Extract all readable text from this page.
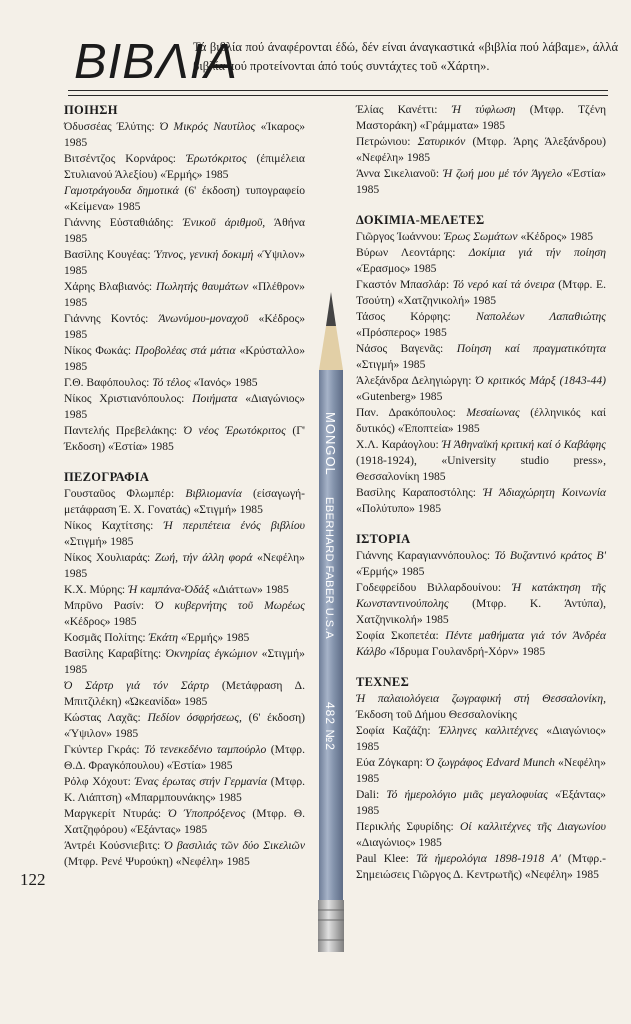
ΒΙΒΛΙΑ
Τά βιβλία πού άναφέρονται έδώ, δέν είναι άναγκαστικά «βιβλία πού λάβαμε», άλλά βιβλία πού προτείνονται άπό τούς συντάχτες τοῦ «Χάρτη».
ΠΟΙΗΣΗ

Όδυσσέας Έλύτης: Ό Μικρός Ναυτίλος «Ίκαρος» 1985

Βιτσέντζος Κορνάρος: Έρωτόκριτος (έπιμέλεια Στυλιανού Άλεξίου) «Έρμής» 1985

Γαμοτράγουδα δημοτικά (6' έκδοση) τυπογραφείο «Κείμενα» 1985

Γιάννης Εὐσταθιάδης: Ένικοῦ άριθμοῦ, Άθήνα 1985

Βασίλης Κουγέας: Ύπνος, γενική δοκιμή «Ύψιλον» 1985

Χάρης Βλαβιανός: Πωλητής θαυμάτων «Πλέθρον» 1985

Γιάννης Κοντός: Άνωνύμου-μοναχοῦ «Κέδρος» 1985

Νίκος Φωκάς: Προβολέας στά μάτια «Κρύσταλλο» 1985

Γ.Θ. Βαφόπουλος: Τό τέλος «Ίανός» 1985

Νίκος Χριστιανόπουλος: Ποιήματα «Διαγώνιος» 1985

Παντελής Πρεβελάκης: Ό νέος Έρωτόκριτος (Γ' Έκδοση) «Έστία» 1985

ΠΕΖΟΓΡΑΦΙΑ

Γουσταῦος Φλωμπέρ: Βιβλιομανία (είσαγωγή-μετάφραση Έ. Χ. Γονατάς) «Στιγμή» 1985

Νίκος Καχτίτσης: Ή περιπέτεια ένός βιβλίου «Στιγμή» 1985

Νίκος Χουλιαράς: Ζωή, τήν άλλη φορά «Νεφέλη» 1985

Κ.Χ. Μύρης: Ή καμπάνα-Όδάξ «Διάττων» 1985

Μπρῦνο Ρασίν: Ό κυβερνήτης τοῦ Μωρέως «Κέδρος» 1985

Κοσμᾶς Πολίτης: Έκάτη «Έρμής» 1985

Βασίλης Καραβίτης: Όκνηρίας έγκώμιον «Στιγμή» 1985

Ό Σάρτρ γιά τόν Σάρτρ (Μετάφραση Δ. Μπιτζιλέκη) «Ώκεανίδα» 1985

Κώστας Λαχᾶς: Πεδίον όσφρήσεως, (6' έκδοση) «Ύψιλον» 1985

Γκύντερ Γκράς: Τό τενεκεδένιο ταμπούρλο (Μτφρ. Θ.Δ. Φραγκόπουλου) «Έστία» 1985

Ρόλφ Χόχουτ: Ένας έρωτας στήν Γερμανία (Μτφρ. Κ. Λιάπτση) «Μπαρμπουνάκης» 1985

Μαργκερίτ Ντυράς: Ό Ύποπρόξενος (Μτφρ. Θ. Χατζηφόρου) «Έξάντας» 1985

Άντρέι Κούσνιεβιτς: Ό βασιλιάς τῶν δύο Σικελιῶν (Μτφρ. Ρενέ Ψυρούκη) «Νεφέλη» 1985

Έλίας Κανέττι: Ή τύφλωση (Μτφρ. Τζένη Μαστοράκη) «Γράμματα» 1985

Πετρώνιου: Σατυρικόν (Μτφρ. Άρης Άλεξάνδρου) «Νεφέλη» 1985

Άννα Σικελιανοῦ: Ή ζωή μου μέ τόν Άγγελο «Έστία» 1985

ΔΟΚΙΜΙΑ-ΜΕΛΕΤΕΣ

Γιῶργος Ίωάννου: Έρως Σωμάτων «Κέδρος» 1985

Βύρων Λεοντάρης: Δοκίμια γιά τήν ποίηση «Έρασμος» 1985

Γκαστόν Μπασλάρ: Τό νερό καί τά όνειρα (Μτφρ. Ε. Τσούτη) «Χατζηνικολή» 1985

Τάσος Κόρφης: Ναπολέων Λαπαθιώτης «Πρόσπερος» 1985

Νάσος Βαγενᾶς: Ποίηση καί πραγματικότητα «Στιγμή» 1985

Άλεξάνδρα Δεληγιώργη: Ό κριτικός Μάρξ (1843-44) «Gutenberg» 1985

Παν. Δρακόπουλος: Μεσαίωνας (έλληνικός καί δυτικός) «Έποπτεία» 1985

Χ.Λ. Καράογλου: Ή Άθηναϊκή κριτική καί ό Καβάφης (1918-1924), «University studio press», Θεσσαλονίκη 1985

Βασίλης Καραποστόλης: Ή Άδιαχώρητη Κοινωνία «Πολύτυπο» 1985

ΙΣΤΟΡΙΑ

Γιάννης Καραγιαννόπουλος: Τό Βυζαντινό κράτος Β' «Έρμής» 1985

Γοδεφρείδου Βιλλαρδουίνου: Ή κατάκτηση τῆς Κωνσταντινούπολης (Μτφρ. Κ. Άντύπα), Χατζηνικολή» 1985

Σοφία Σκοπετέα: Πέντε μαθήματα γιά τόν Άνδρέα Κάλβο «Ίδρυμα Γουλανδρή-Χόρν» 1985

ΤΕΧΝΕΣ

Ή παλαιολόγεια ζωγραφική στή Θεσσαλονίκη, Έκδοση τοῦ Δήμου Θεσσαλονίκης

Σοφία Καζάζη: Έλληνες καλλιτέχνες «Διαγώνιος» 1985

Εύα Ζόγκαρη: Ό ζωγράφος Edvard Munch «Νεφέλη» 1985

Dali: Τό ήμερολόγιο μιᾶς μεγαλοφυίας «Έξάντας» 1985

Περικλής Σφυρίδης: Οί καλλιτέχνες τῆς Διαγωνίου «Διαγώνιος» 1985

Paul Klee: Τά ήμερολόγια 1898-1918 Α' (Μτφρ.-Σημειώσεις Γιῶργος Δ. Κεντρωτῆς) «Νεφέλη» 1985

MONGOL
EBERHARD FABER U.S.A
482 №2
122
